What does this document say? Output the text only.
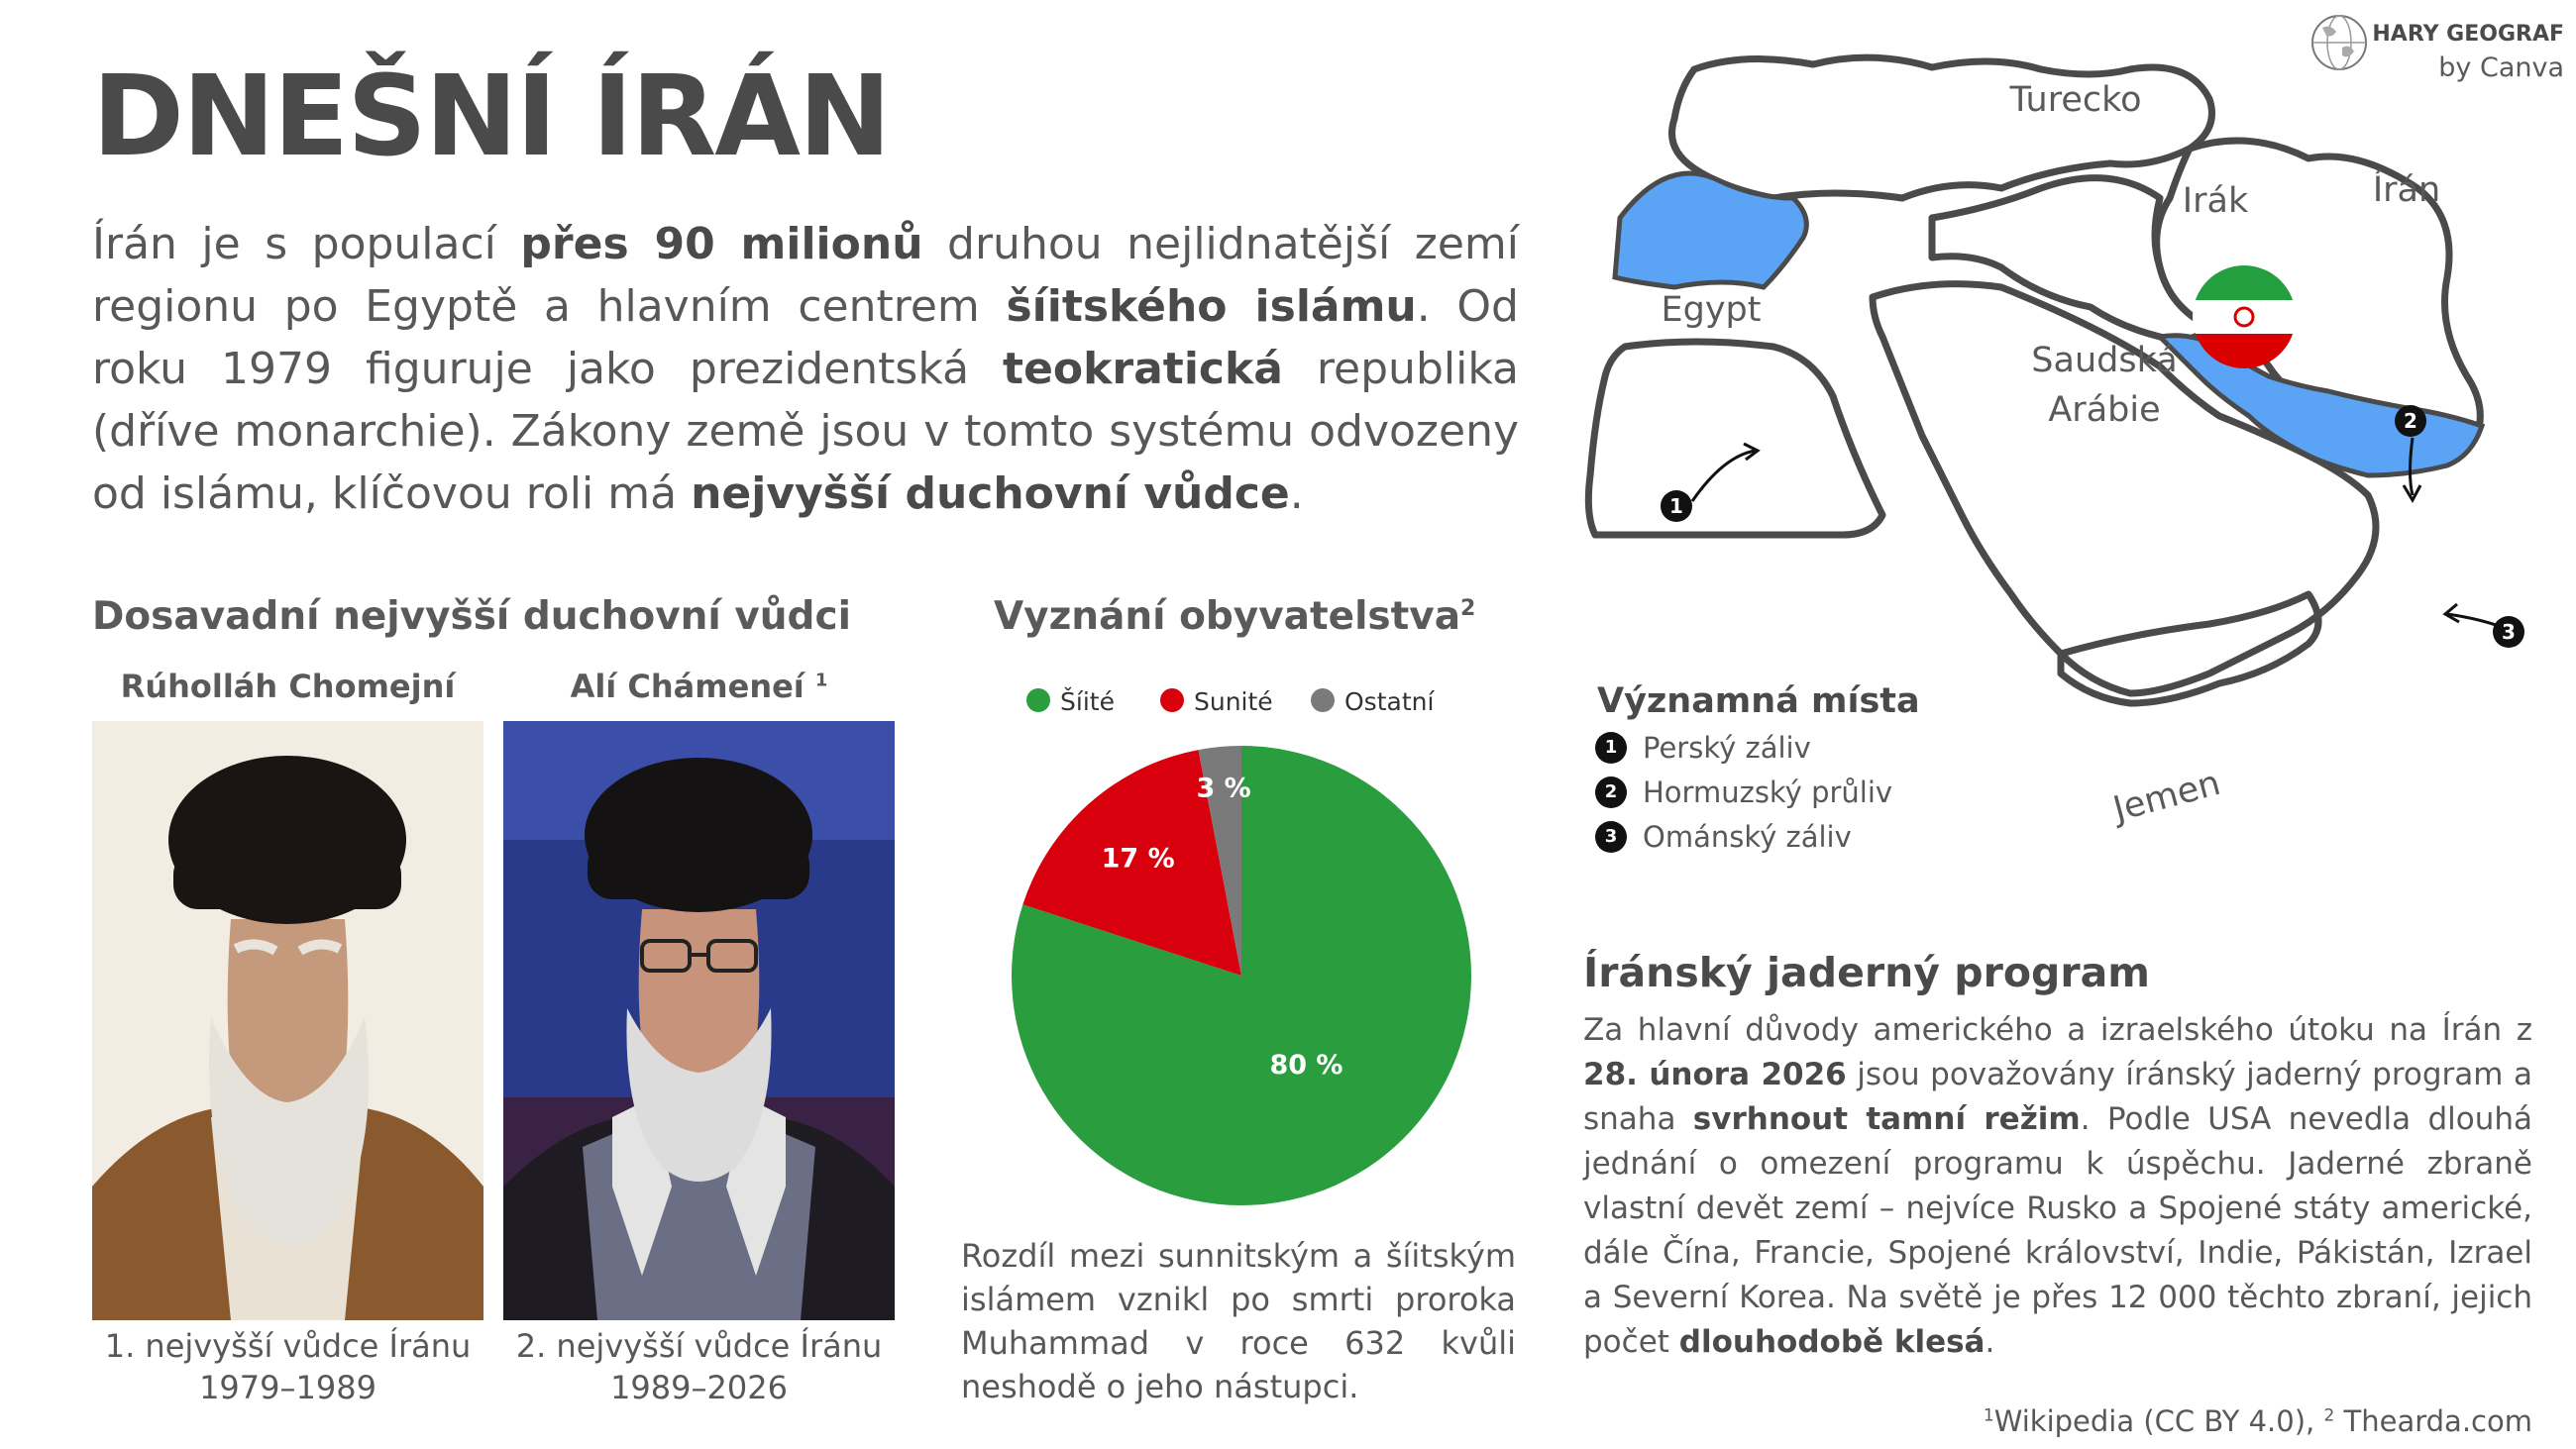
DNEŠNÍ ÍRÁN
HARY GEOGRAF
by Canva
Írán je s populací přes 90 milionů druhou nejlidnatější zemí regionu po Egyptě a hlavním centrem šíitského islámu. Od roku 1979 figuruje jako prezidentská teokratická republika (dříve monarchie). Zákony země jsou v tomto systému odvozeny od islámu, klíčovou roli má nejvyšší duchovní vůdce.
Dosavadní nejvyšší duchovní vůdci
Rúholláh Chomejní	Alí Chámeneí $^1$
1. nejvyšší vůdce Íránu
1979–1989
2. nejvyšší vůdce Íránu
1989–2026
Vyznání obyvatelstva$^2$
Šíité	Sunité	Ostatní
80 %
17 %
3 %
Rozdíl mezi sunnitským a šíitským islámem vznikl po smrti proroka Muhammad v roce 632 kvůli neshodě o jeho nástupci.
Turecko
Irák	Írán
Egypt
Saudská
Arábie
Jemen
1
2
3
Významná místa
1 Perský záliv
2 Hormuzský průliv
3 Ománský záliv
Íránský jaderný program
Za hlavní důvody amerického a izraelského útoku na Írán z 28. února 2026 jsou považovány íránský jaderný program a snaha svrhnout tamní režim. Podle USA nevedla dlouhá jednání o omezení programu k úspěchu. Jaderné zbraně vlastní devět zemí – nejvíce Rusko a Spojené státy americké, dále Čína, Francie, Spojené království, Indie, Pákistán, Izrael a Severní Korea. Na světě je přes 12 000 těchto zbraní, jejich počet dlouhodobě klesá.
$^1$Wikipedia (CC BY 4.0), $^2$ Thearda.com
